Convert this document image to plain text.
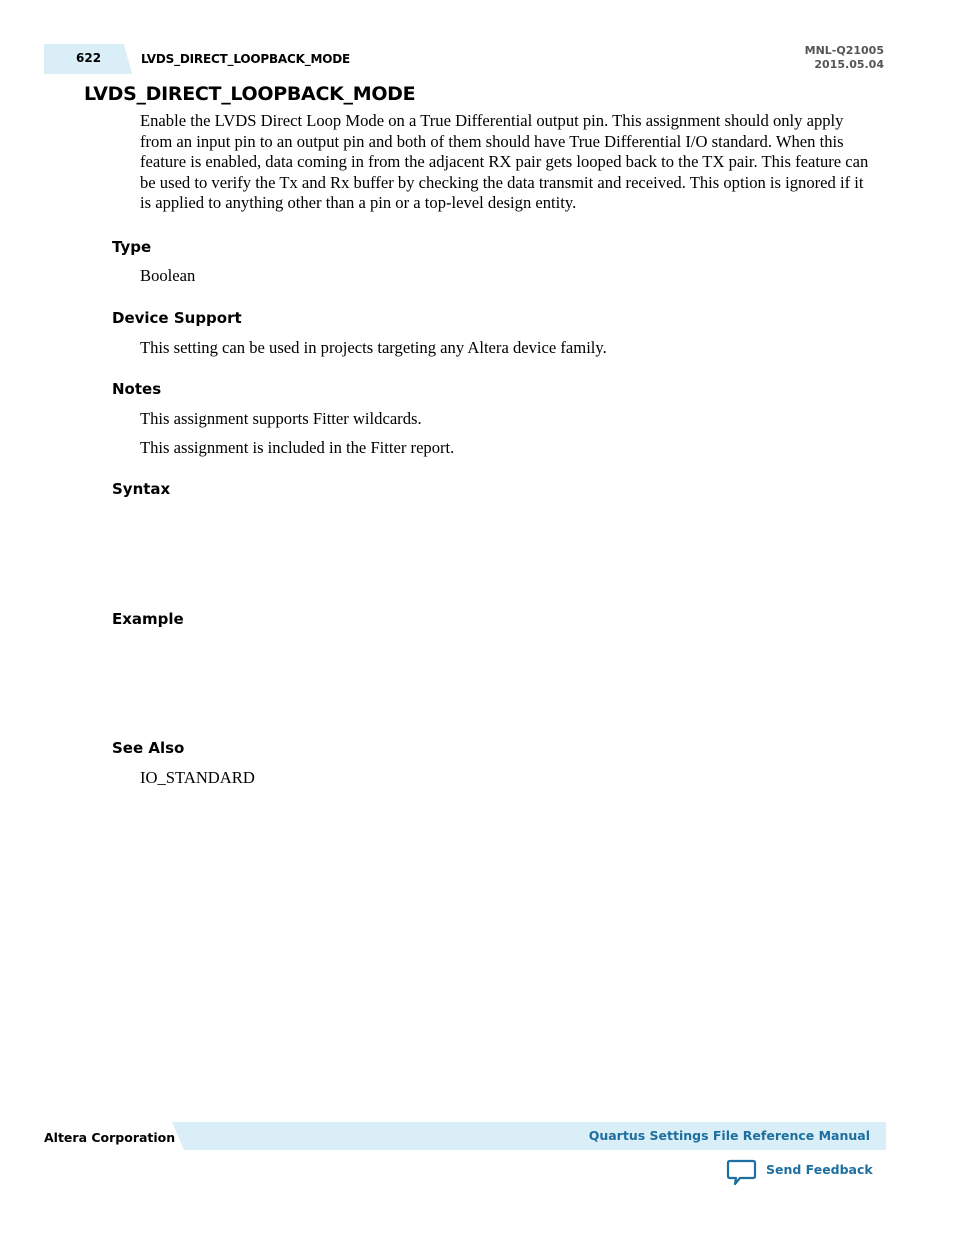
622	LVDS_DIRECT_LOOPBACK_MODE
MNL-Q21005
2015.05.04
LVDS_DIRECT_LOOPBACK_MODE

Enable the LVDS Direct Loop Mode on a True Differential output pin. This assignment should only apply from an input pin to an output pin and both of them should have True Differential I/O standard. When this feature is enabled, data coming in from the adjacent RX pair gets looped back to the TX pair. This feature can be used to verify the Tx and Rx buffer by checking the data transmit and received. This option is ignored if it is applied to anything other than a pin or a top-level design entity.

Type

Boolean

Device Support

This setting can be used in projects targeting any Altera device family.

Notes

This assignment supports Fitter wildcards.

This assignment is included in the Fitter report.

Syntax
Example
See Also

IO_STANDARD

Altera Corporation	Quartus Settings File Reference Manual
Send Feedback
